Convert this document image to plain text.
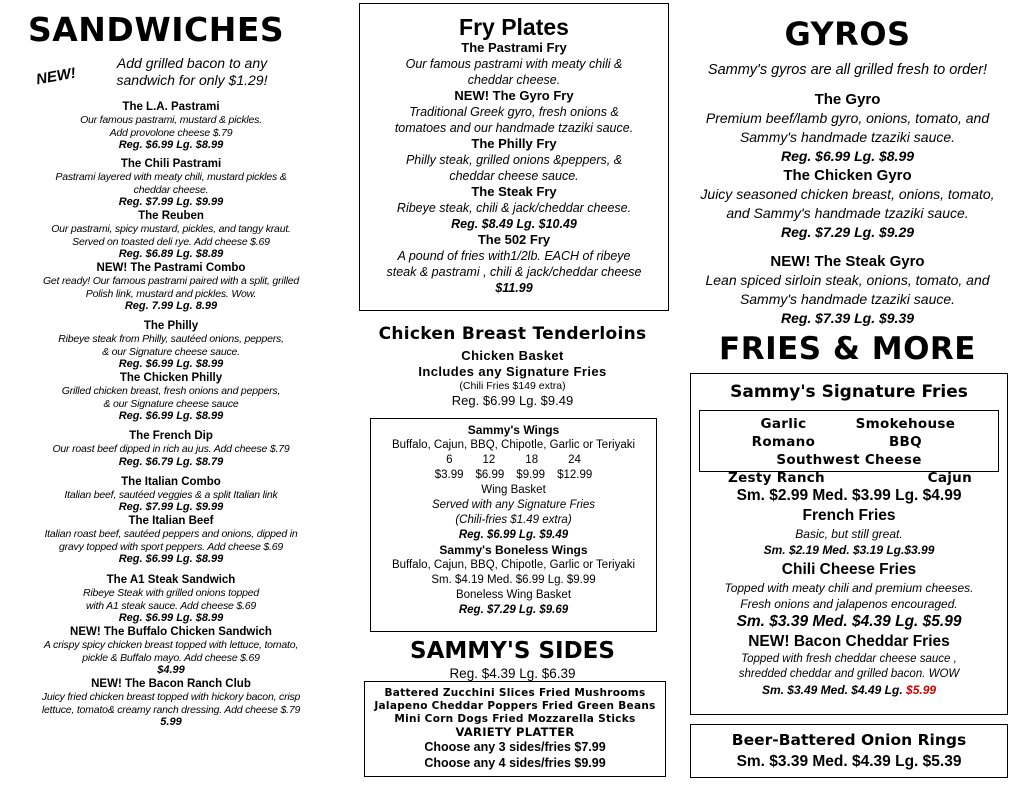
SANDWICHES
NEW!
Add grilled bacon to any sandwich for only $1.29!
The L.A. Pastrami
Our famous pastrami, mustard & pickles.
Add provolone cheese $.79
Reg. $6.99 Lg. $8.99
The Chili Pastrami
Pastrami layered with meaty chili, mustard pickles &
cheddar cheese.
Reg. $7.99 Lg. $9.99
The Reuben
Our pastrami, spicy mustard, pickles, and tangy kraut.
Served on toasted deli rye. Add cheese $.69
Reg. $6.89 Lg. $8.89
NEW! The Pastrami Combo
Get ready! Our famous pastrami paired with a split, grilled
Polish link, mustard and pickles. Wow.
Reg. 7.99 Lg. 8.99
The Philly
Ribeye steak from Philly, sautéed onions, peppers,
& our Signature cheese sauce.
Reg. $6.99 Lg. $8.99
The Chicken Philly
Grilled chicken breast, fresh onions and peppers,
& our Signature cheese sauce
Reg. $6.99 Lg. $8.99
The French Dip
Our roast beef dipped in rich au jus. Add cheese $.79
Reg. $6.79 Lg. $8.79
The Italian Combo
Italian beef, sautéed veggies & a split Italian link
Reg. $7.99 Lg. $9.99
The Italian Beef
Italian roast beef, sautéed peppers and onions, dipped in
gravy topped with sport peppers. Add cheese $.69
Reg. $6.99 Lg. $8.99
The A1 Steak Sandwich
Ribeye Steak with grilled onions topped
with A1 steak sauce. Add cheese $.69
Reg. $6.99 Lg. $8.99
NEW! The Buffalo Chicken Sandwich
A crispy spicy chicken breast topped with lettuce, tomato,
pickle & Buffalo mayo. Add cheese $.69
$4.99
NEW! The Bacon Ranch Club
Juicy fried chicken breast topped with hickory bacon, crisp
lettuce, tomato& creamy ranch dressing. Add cheese $.79
5.99
Fry Plates
The Pastrami Fry
Our famous pastrami with meaty chili &
cheddar cheese.
NEW! The Gyro Fry
Traditional Greek gyro, fresh onions &
tomatoes and our handmade tzaziki sauce.
The Philly Fry
Philly steak, grilled onions &peppers, &
cheddar cheese sauce.
The Steak Fry
Ribeye steak, chili & jack/cheddar cheese.
Reg. $8.49 Lg. $10.49
The 502 Fry
A pound of fries with1/2lb. EACH of ribeye
steak & pastrami , chili & jack/cheddar cheese
$11.99
Chicken Breast Tenderloins
Chicken Basket
Includes any Signature Fries
(Chili Fries $149 extra)
Reg. $6.99 Lg. $9.49
Sammy's Wings
Buffalo, Cajun, BBQ, Chipotle, Garlic or Teriyaki
6	12	18	24
$3.99 $6.99 $9.99 $12.99
Wing Basket
Served with any Signature Fries
(Chili-fries $1.49 extra)
Reg. $6.99 Lg. $9.49
Sammy's Boneless Wings
Buffalo, Cajun, BBQ, Chipotle, Garlic or Teriyaki
Sm. $4.19 Med. $6.99 Lg. $9.99
Boneless Wing Basket
Reg. $7.29 Lg. $9.69
SAMMY'S SIDES
Reg. $4.39 Lg. $6.39
Battered Zucchini Slices Fried Mushrooms
Jalapeno Cheddar Poppers Fried Green Beans
Mini Corn Dogs Fried Mozzarella Sticks
VARIETY PLATTER
Choose any 3 sides/fries $7.99
Choose any 4 sides/fries $9.99
GYROS
Sammy's gyros are all grilled fresh to order!
The Gyro
Premium beef/lamb gyro, onions, tomato, and
Sammy's handmade tzaziki sauce.
Reg. $6.99 Lg. $8.99
The Chicken Gyro
Juicy seasoned chicken breast, onions, tomato,
and Sammy's handmade tzaziki sauce.
Reg. $7.29 Lg. $9.29
NEW! The Steak Gyro
Lean spiced sirloin steak, onions, tomato, and
Sammy's handmade tzaziki sauce.
Reg. $7.39 Lg. $9.39
FRIES & MORE
Sammy's Signature Fries
Garlic Romano
Smokehouse BBQ
Southwest Cheese
Zesty Ranch	Cajun
Sm. $2.99 Med. $3.99 Lg. $4.99
French Fries
Basic, but still great.
Sm. $2.19 Med. $3.19 Lg.$3.99
Chili Cheese Fries
Topped with meaty chili and premium cheeses.
Fresh onions and jalapenos encouraged.
Sm. $3.39 Med. $4.39 Lg. $5.99
NEW! Bacon Cheddar Fries
Topped with fresh cheddar cheese sauce ,
shredded cheddar and grilled bacon. WOW
Sm. $3.49 Med. $4.49 Lg. $5.99
Beer-Battered Onion Rings
Sm. $3.39 Med. $4.39 Lg. $5.39
